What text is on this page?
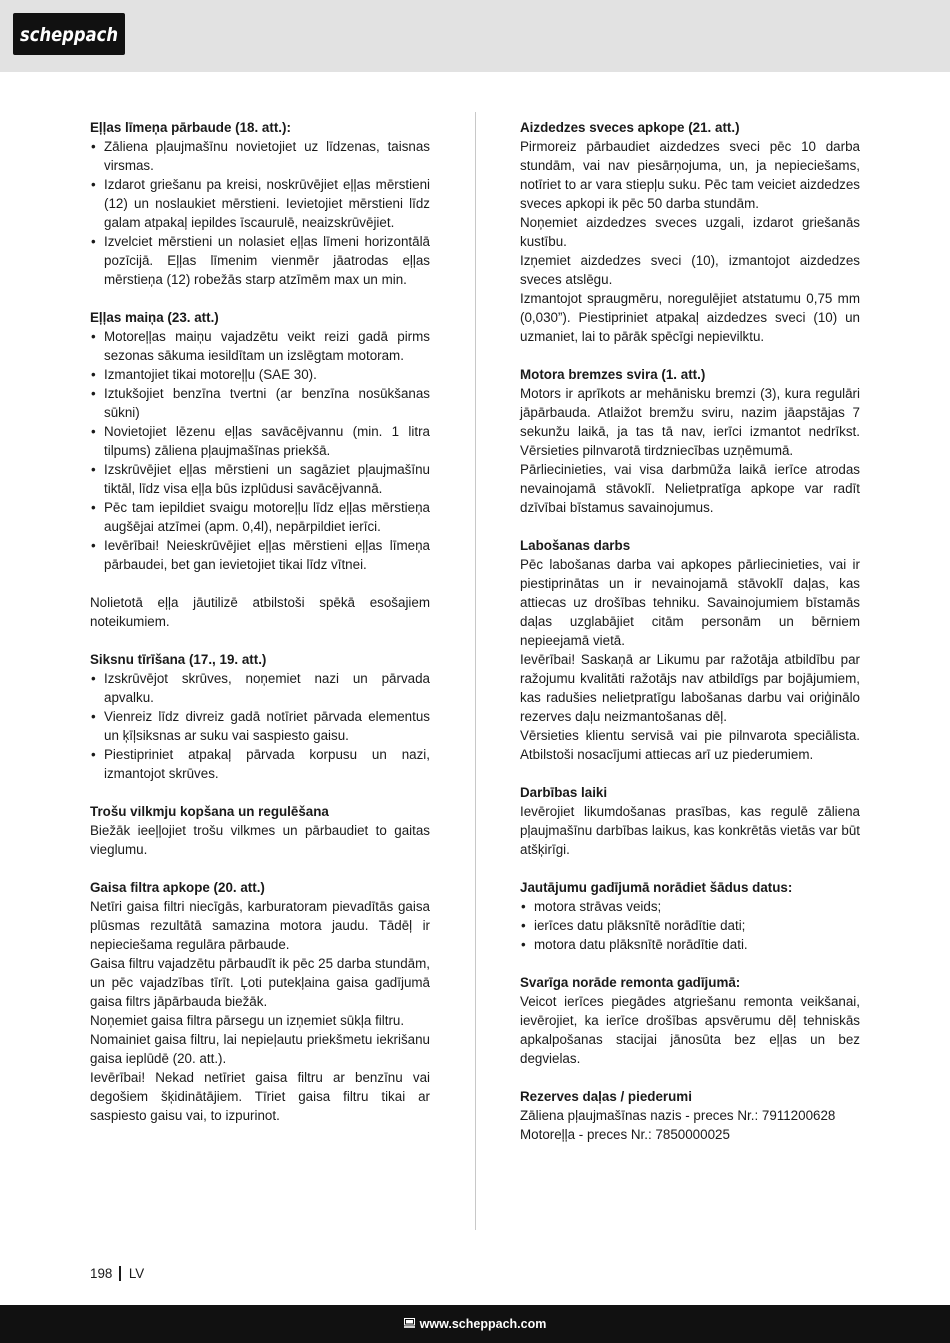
scheppach
Eļļas līmeņa pārbaude (18. att.):
• Zāliena pļaujmašīnu novietojiet uz līdzenas, taisnas virsmas.
• Izdarot griešanu pa kreisi, noskrūvējiet eļļas mērstieni (12) un noslaukiet mērstieni. Ievietojiet mērstieni līdz galam atpakaļ iepildes īscaurulē, neaizskrūvējiet.
• Izvelciet mērstieni un nolasiet eļļas līmeni horizontālā pozīcijā. Eļļas līmenim vienmēr jāatrodas eļļas mērstieņa (12) robežās starp atzīmēm max un min.
Eļļas maiņa (23. att.)
• Motoreļļas maiņu vajadzētu veikt reizi gadā pirms sezonas sākuma iesildītam un izslēgtam motoram.
• Izmantojiet tikai motoreļļu (SAE 30).
• Iztukšojiet benzīna tvertni (ar benzīna nosūkšanas sūkni)
• Novietojiet lēzenu eļļas savācējvannu (min. 1 litra tilpums) zāliena pļaujmašīnas priekšā.
• Izskrūvējiet eļļas mērstieni un sagāziet pļaujmašīnu tiktāl, līdz visa eļļa būs izplūdusi savācējvannā.
• Pēc tam iepildiet svaigu motoreļļu līdz eļļas mērstieņa augšējai atzīmei (apm. 0,4l), nepārpildiet ierīci.
• Ievērībai! Neieskrūvējiet eļļas mērstieni eļļas līmeņa pārbaudei, bet gan ievietojiet tikai līdz vītnei.
Nolietotā eļļa jāutilizē atbilstoši spēkā esošajiem noteikumiem.
Siksnu tīrīšana (17., 19. att.)
• Izskrūvējot skrūves, noņemiet nazi un pārvada apvalku.
• Vienreiz līdz divreiz gadā notīriet pārvada elementus un ķīļsiksnas ar suku vai saspiesto gaisu.
• Piestipriniet atpakaļ pārvada korpusu un nazi, izmantojot skrūves.
Trošu vilkmju kopšana un regulēšana
Biežāk ieeļļojiet trošu vilkmes un pārbaudiet to gaitas vieglumu.
Gaisa filtra apkope (20. att.)
Netīri gaisa filtri niecīgās, karburatoram pievadītās gaisa plūsmas rezultātā samazina motora jaudu. Tādēļ ir nepieciešama regulāra pārbaude.
Gaisa filtru vajadzētu pārbaudīt ik pēc 25 darba stundām, un pēc vajadzības tīrīt. Ļoti putekļaina gaisa gadījumā gaisa filtrs jāpārbauda biežāk.
Noņemiet gaisa filtra pārsegu un izņemiet sūkļa filtru.
Nomainiet gaisa filtru, lai nepieļautu priekšmetu iekrišanu gaisa ieplūdē (20. att.).
Ievērībai! Nekad netīriet gaisa filtru ar benzīnu vai degošiem šķidinātājiem. Tīriet gaisa filtru tikai ar saspiesto gaisu vai, to izpurinot.
Aizdedzes sveces apkope (21. att.)
Pirmoreiz pārbaudiet aizdedzes sveci pēc 10 darba stundām, vai nav piesārņojuma, un, ja nepieciešams, notīriet to ar vara stiepļu suku. Pēc tam veiciet aizdedzes sveces apkopi ik pēc 50 darba stundām.
Noņemiet aizdedzes sveces uzgali, izdarot griešanās kustību.
Izņemiet aizdedzes sveci (10), izmantojot aizdedzes sveces atslēgu.
Izmantojot spraugmēru, noregulējiet atstatumu 0,75 mm (0,030”). Piestipriniet atpakaļ aizdedzes sveci (10) un uzmaniet, lai to pārāk spēcīgi nepievilktu.
Motora bremzes svira (1. att.)
Motors ir aprīkots ar mehānisku bremzi (3), kura regulāri jāpārbauda. Atlaižot bremžu sviru, nazim jāapstājas 7 sekunžu laikā, ja tas tā nav, ierīci izmantot nedrīkst. Vērsieties pilnvarotā tirdzniecības uzņēmumā.
Pārliecinieties, vai visa darbmūža laikā ierīce atrodas nevainojamā stāvoklī. Nelietpratīga apkope var radīt dzīvībai bīstamus savainojumus.
Labošanas darbs
Pēc labošanas darba vai apkopes pārliecinieties, vai ir piestiprinātas un ir nevainojamā stāvoklī daļas, kas attiecas uz drošības tehniku. Savainojumiem bīstamās daļas uzglabājiet citām personām un bērniem nepieejamā vietā.
Ievērībai! Saskaņā ar Likumu par ražotāja atbildību par ražojumu kvalitāti ražotājs nav atbildīgs par bojājumiem, kas radušies nelietpratīgu labošanas darbu vai oriģinālo rezerves daļu neizmantošanas dēļ.
Vērsieties klientu servisā vai pie pilnvarota speciālista. Atbilstoši nosacījumi attiecas arī uz piederumiem.
Darbības laiki
Ievērojiet likumdošanas prasības, kas regulē zāliena pļaujmašīnu darbības laikus, kas konkrētās vietās var būt atšķirīgi.
Jautājumu gadījumā norādiet šādus datus:
• motora strāvas veids;
• ierīces datu plāksnītē norādītie dati;
• motora datu plāksnītē norādītie dati.
Svarīga norāde remonta gadījumā:
Veicot ierīces piegādes atgriešanu remonta veikšanai, ievērojiet, ka ierīce drošības apsvērumu dēļ tehniskās apkalpošanas stacijai jānosūta bez eļļas un bez degvielas.
Rezerves daļas / piederumi
Zāliena pļaujmašīnas nazis - preces Nr.: 7911200628
Motoreļļa - preces Nr.: 7850000025
198 LV
www.scheppach.com
